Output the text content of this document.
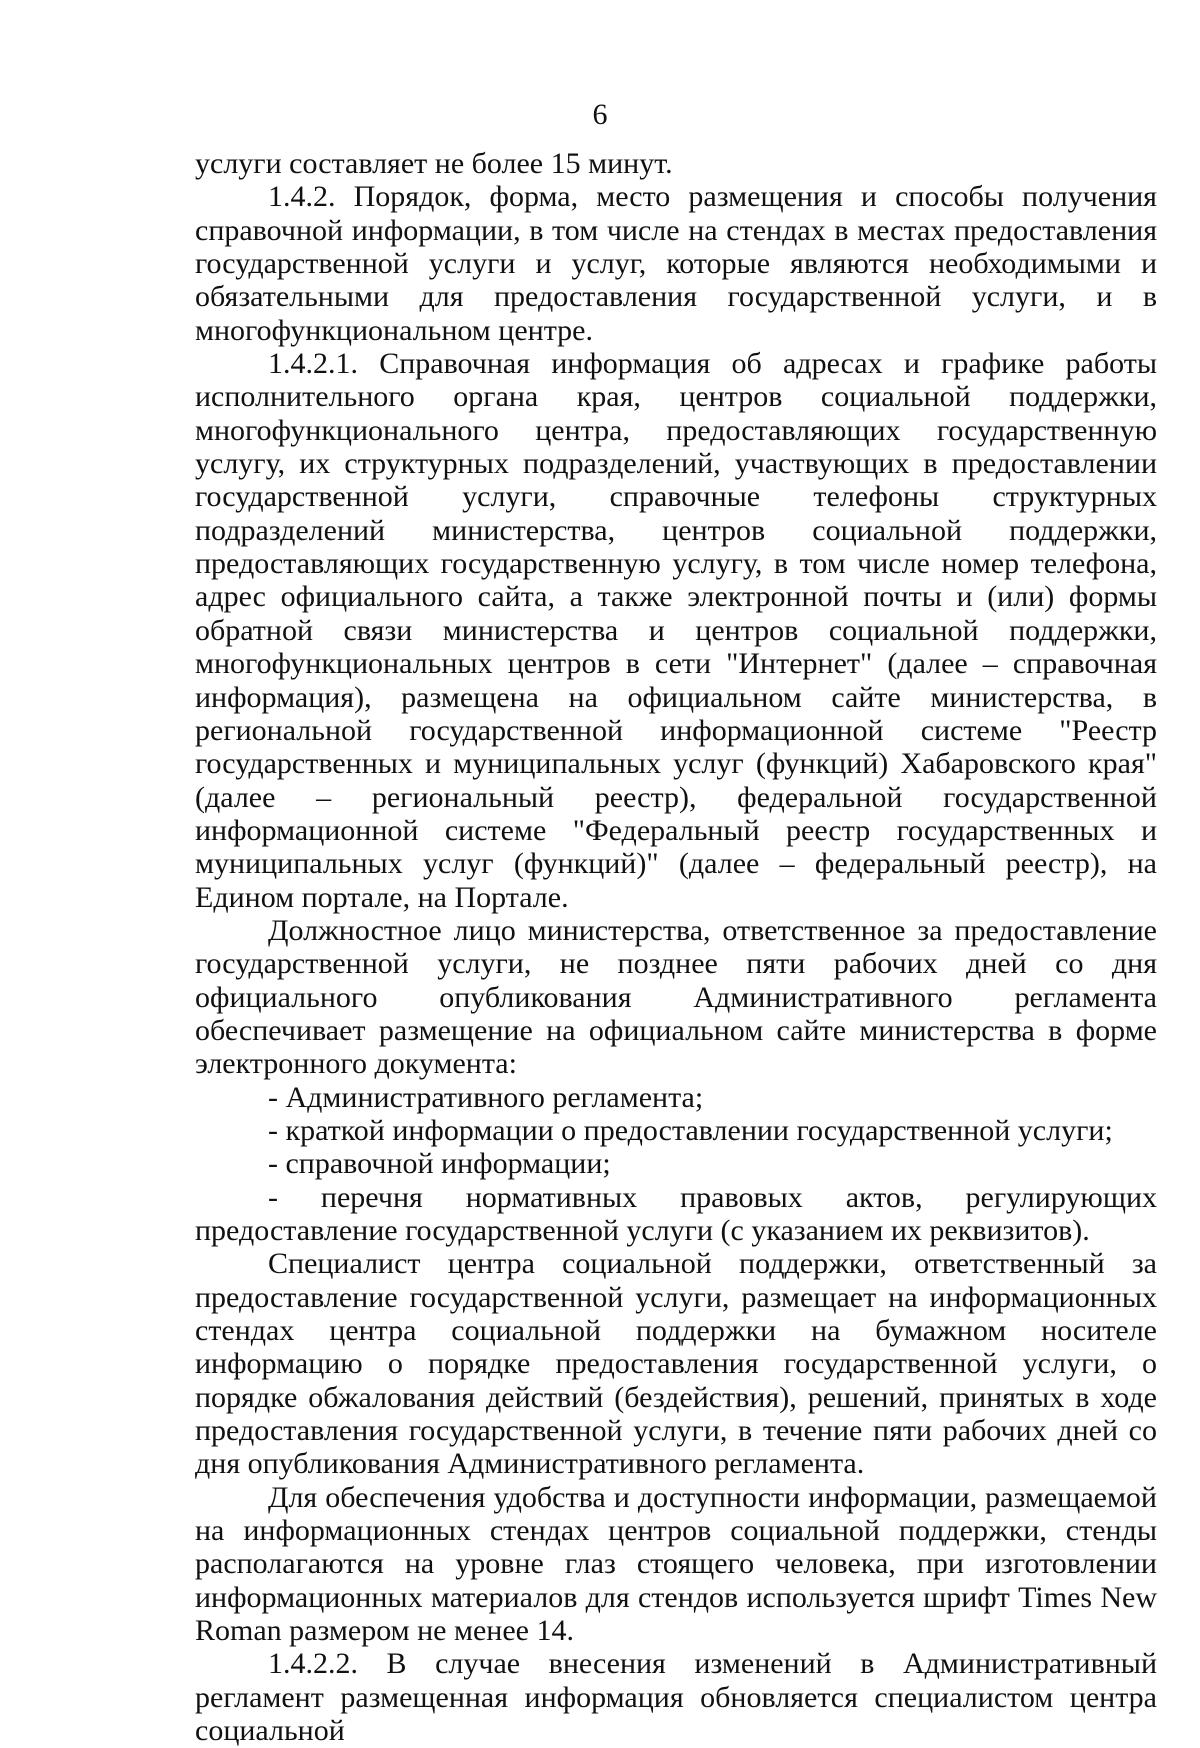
6

услуги составляет не более 15 минут.

1.4.2. Порядок, форма, место размещения и способы получения справочной информации, в том числе на стендах в местах предоставления государственной услуги и услуг, которые являются необходимыми и обязательными для предоставления государственной услуги, и в многофункциональном центре.

1.4.2.1. Справочная информация об адресах и графике работы исполнительного органа края, центров социальной поддержки, многофункционального центра, предоставляющих государственную услугу, их структурных подразделений, участвующих в предоставлении государственной услуги, справочные телефоны структурных подразделений министерства, центров социальной поддержки, предоставляющих государственную услугу, в том числе номер телефона, адрес официального сайта, а также электронной почты и (или) формы обратной связи министерства и центров социальной поддержки, многофункциональных центров в сети "Интернет" (далее – справочная информация), размещена на официальном сайте министерства, в региональной государственной информационной системе "Реестр государственных и муниципальных услуг (функций) Хабаровского края" (далее – региональный реестр), федеральной государственной информационной системе "Федеральный реестр государственных и муниципальных услуг (функций)" (далее – федеральный реестр), на Едином портале, на Портале.

Должностное лицо министерства, ответственное за предоставление государственной услуги, не позднее пяти рабочих дней со дня официального опубликования Административного регламента обеспечивает размещение на официальном сайте министерства в форме электронного документа:

- Административного регламента;

- краткой информации о предоставлении государственной услуги;

- справочной информации;

- перечня нормативных правовых актов, регулирующих предоставление государственной услуги (с указанием их реквизитов).

Специалист центра социальной поддержки, ответственный за предоставление государственной услуги, размещает на информационных стендах центра социальной поддержки на бумажном носителе информацию о порядке предоставления государственной услуги, о порядке обжалования действий (бездействия), решений, принятых в ходе предоставления государственной услуги, в течение пяти рабочих дней со дня опубликования Административного регламента.

Для обеспечения удобства и доступности информации, размещаемой на информационных стендах центров социальной поддержки, стенды располагаются на уровне глаз стоящего человека, при изготовлении информационных материалов для стендов используется шрифт Times New Roman размером не менее 14.

1.4.2.2. В случае внесения изменений в Административный регламент размещенная информация обновляется специалистом центра социальной
